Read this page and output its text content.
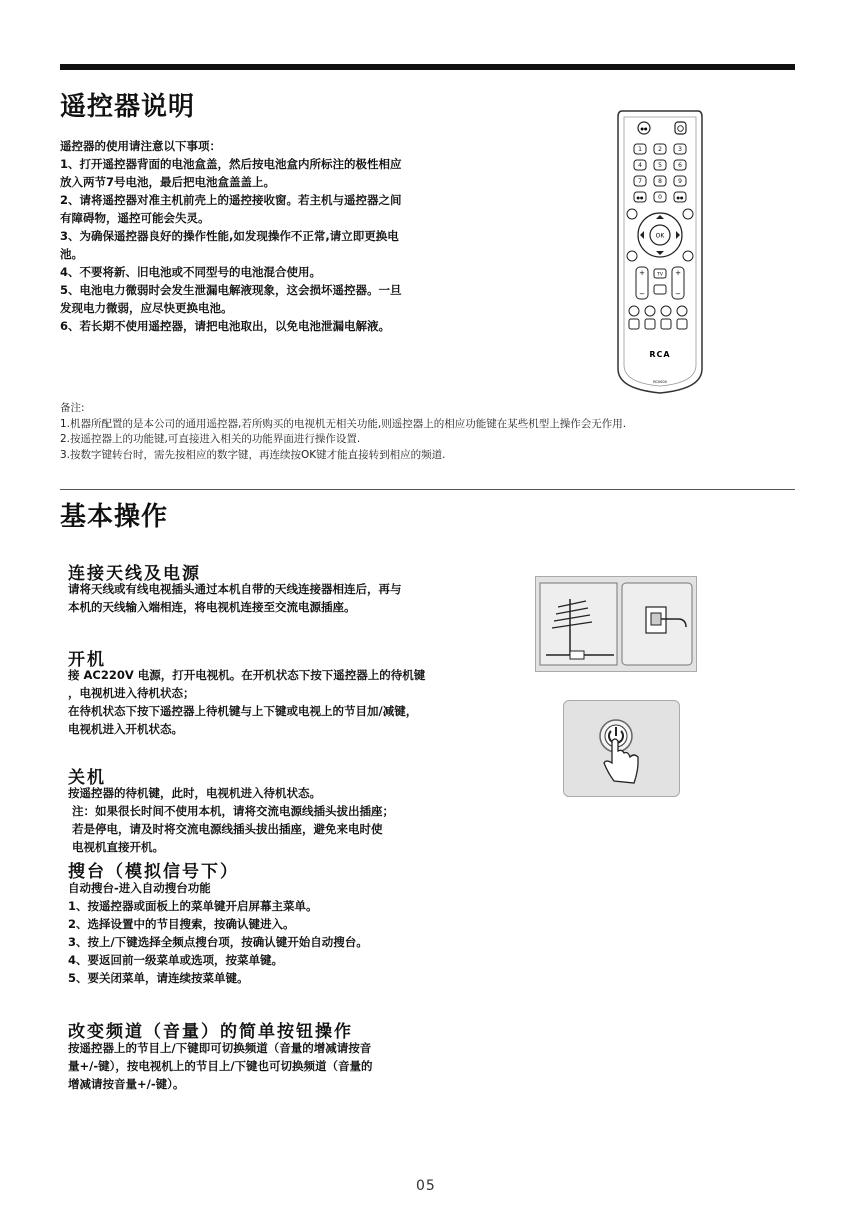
遥控器说明
遥控器的使用请注意以下事项：
1、打开遥控器背面的电池盒盖，然后按电池盒内所标注的极性相应
放入两节7号电池，最后把电池盒盖盖上。
2、请将遥控器对准主机前壳上的遥控接收窗。若主机与遥控器之间
有障碍物，遥控可能会失灵。
3、为确保遥控器良好的操作性能,如发现操作不正常,请立即更换电
池。
4、不要将新、旧电池或不同型号的电池混合使用。
5、电池电力微弱时会发生泄漏电解液现象，这会损坏遥控器。一旦
发现电力微弱，应尽快更换电池。
6、若长期不使用遥控器，请把电池取出，以免电池泄漏电解液。
●●
1	2	3
4	5	6
7	8	9
●● 0	●●
OK
+
−
+
−
TV
RCA
RC0000
备注:
1.机器所配置的是本公司的通用遥控器,若所购买的电视机无相关功能,则遥控器上的相应功能键在某些机型上操作会无作用.
2.按遥控器上的功能键,可直接进入相关的功能界面进行操作设置.
3.按数字键转台时，需先按相应的数字键，再连续按OK键才能直接转到相应的频道.
基本操作
连接天线及电源
请将天线或有线电视插头通过本机自带的天线连接器相连后，再与
本机的天线输入端相连，将电视机连接至交流电源插座。
开机
接 AC220V 电源，打开电视机。在开机状态下按下遥控器上的待机键
，电视机进入待机状态；
在待机状态下按下遥控器上待机键与上下键或电视上的节目加/减键，
电视机进入开机状态。
关机
按遥控器的待机键，此时，电视机进入待机状态。
注：如果很长时间不使用本机，请将交流电源线插头拔出插座；
若是停电，请及时将交流电源线插头拔出插座，避免来电时使
电视机直接开机。
搜台（模拟信号下）
自动搜台-进入自动搜台功能
1、按遥控器或面板上的菜单键开启屏幕主菜单。
2、选择设置中的节目搜索，按确认键进入。
3、按上/下键选择全频点搜台项，按确认键开始自动搜台。
4、要返回前一级菜单或选项，按菜单键。
5、要关闭菜单，请连续按菜单键。
改变频道（音量）的简单按钮操作
按遥控器上的节目上/下键即可切换频道（音量的增减请按音
量+/-键），按电视机上的节目上/下键也可切换频道（音量的
增减请按音量+/-键）。
05
